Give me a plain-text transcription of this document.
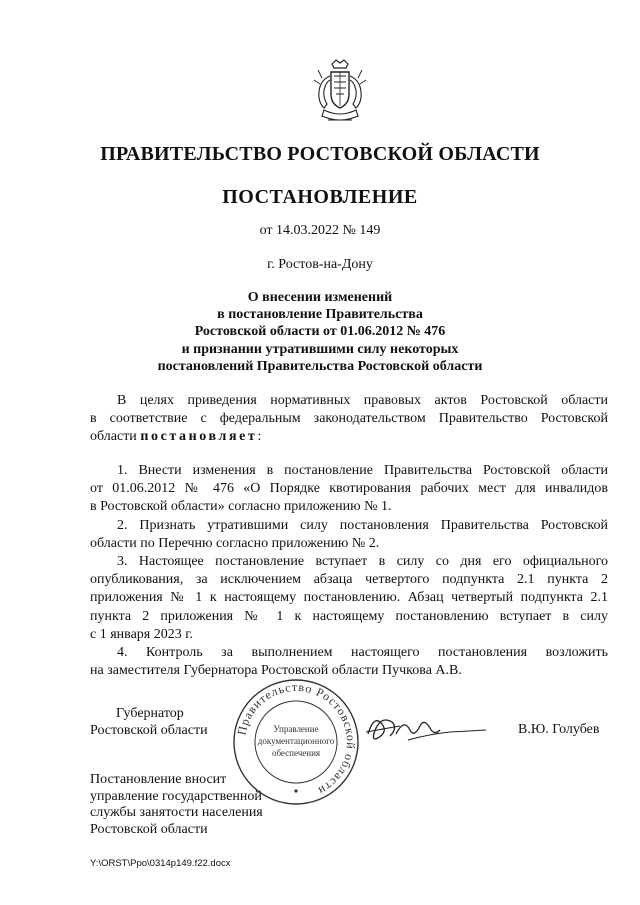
ПРАВИТЕЛЬСТВО РОСТОВСКОЙ ОБЛАСТИ
ПОСТАНОВЛЕНИЕ
от 14.03.2022 № 149
г. Ростов-на-Дону
О внесении изменений
в постановление Правительства
Ростовской области от 01.06.2012 № 476
и признании утратившими силу некоторых
постановлений Правительства Ростовской области
В целях приведения нормативных правовых актов Ростовской области
в соответствие с федеральным законодательством Правительство Ростовской
области постановляет:
1. Внести изменения в постановление Правительства Ростовской области
от 01.06.2012 № 476 «О Порядке квотирования рабочих мест для инвалидов
в Ростовской области» согласно приложению № 1.
2. Признать утратившими силу постановления Правительства Ростовской
области по Перечню согласно приложению № 2.
3. Настоящее постановление вступает в силу со дня его официального
опубликования, за исключением абзаца четвертого подпункта 2.1 пункта 2
приложения № 1 к настоящему постановлению. Абзац четвертый подпункта 2.1
пункта 2 приложения № 1 к настоящему постановлению вступает в силу
с 1 января 2023 г.
4. Контроль за выполнением настоящего постановления возложить
на заместителя Губернатора Ростовской области Пучкова А.В.
Губернатор
Ростовской области Правительство Ростовской области
Управление
документационного
обеспечения
В.Ю. Голубев
Постановление вносит
управление государственной
службы занятости населения
Ростовской области
Y:\ORST\Ppo\0314p149.f22.docx
